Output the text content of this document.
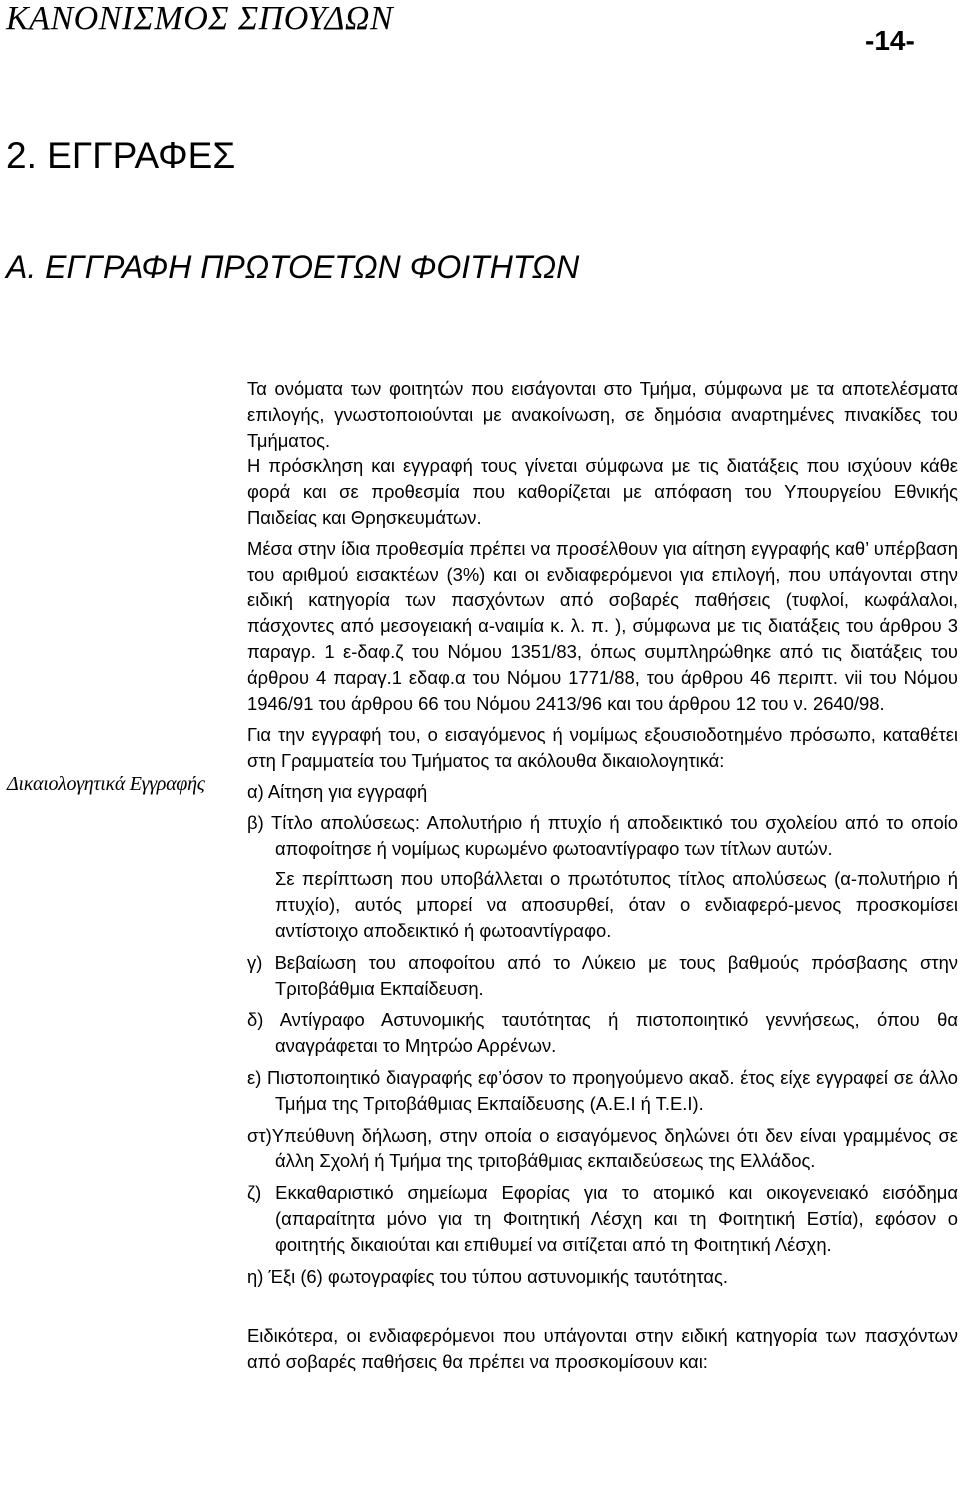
ΚΑΝΟΝΙΣΜΟΣ ΣΠΟΥΔΩΝ
-14-
2. ΕΓΓΡΑΦΕΣ
Α. ΕΓΓΡΑΦΗ ΠΡΩΤΟΕΤΩΝ ΦΟΙΤΗΤΩΝ
Δικαιολογητικά Εγγραφής

Τα ονόματα των φοιτητών που εισάγονται στο Τμήμα, σύμφωνα με τα αποτελέσματα επιλογής, γνωστοποιούνται με ανακοίνωση, σε δημόσια αναρτημένες πινακίδες του Τμήματος.

Η πρόσκληση και εγγραφή τους γίνεται σύμφωνα με τις διατάξεις που ισχύουν κάθε φορά και σε προθεσμία που καθορίζεται με απόφαση του Υπουργείου Εθνικής Παιδείας και Θρησκευμάτων.

Μέσα στην ίδια προθεσμία πρέπει να προσέλθουν για αίτηση εγγραφής καθ’ υπέρβαση του αριθμού εισακτέων (3%) και οι ενδιαφερόμενοι για επιλογή, που υπάγονται στην ειδική κατηγορία των πασχόντων από σοβαρές παθήσεις (τυφλοί, κωφάλαλοι, πάσχοντες από μεσογειακή α-ναιμία κ. λ. π. ), σύμφωνα με τις διατάξεις του άρθρου 3 παραγρ. 1 ε-δαφ.ζ του Νόμου 1351/83, όπως συμπληρώθηκε από τις διατάξεις του άρθρου 4 παραγ.1 εδαφ.α του Νόμου 1771/88, του άρθρου 46 περιπτ. vii του Νόμου 1946/91 του άρθρου 66 του Νόμου 2413/96 και του άρθρου 12 του ν. 2640/98.

Για την εγγραφή του, ο εισαγόμενος ή νομίμως εξουσιοδοτημένο πρόσωπο, καταθέτει στη Γραμματεία του Τμήματος τα ακόλουθα δικαιολογητικά:

α) Αίτηση για εγγραφή

β) Τίτλο απολύσεως: Απολυτήριο ή πτυχίο ή αποδεικτικό του σχολείου από το οποίο αποφοίτησε ή νομίμως κυρωμένο φωτοαντίγραφο των τίτλων αυτών.

Σε περίπτωση που υποβάλλεται ο πρωτότυπος τίτλος απολύσεως (α-πολυτήριο ή πτυχίο), αυτός μπορεί να αποσυρθεί, όταν ο ενδιαφερό-μενος προσκομίσει αντίστοιχο αποδεικτικό ή φωτοαντίγραφο.

γ) Βεβαίωση του αποφοίτου από το Λύκειο με τους βαθμούς πρόσβασης στην Τριτοβάθμια Εκπαίδευση.

δ) Αντίγραφο Αστυνομικής ταυτότητας ή πιστοποιητικό γεννήσεως, όπου θα αναγράφεται το Μητρώο Αρρένων.

ε) Πιστοποιητικό διαγραφής εφ’όσον το προηγούμενο ακαδ. έτος είχε εγγραφεί σε άλλο Τμήμα της Τριτοβάθμιας Εκπαίδευσης (Α.Ε.Ι ή Τ.Ε.Ι).

στ)Υπεύθυνη δήλωση, στην οποία ο εισαγόμενος δηλώνει ότι δεν είναι γραμμένος σε άλλη Σχολή ή Τμήμα της τριτοβάθμιας εκπαιδεύσεως της Ελλάδος.

ζ) Εκκαθαριστικό σημείωμα Εφορίας για το ατομικό και οικογενειακό εισόδημα (απαραίτητα μόνο για τη Φοιτητική Λέσχη και τη Φοιτητική Εστία), εφόσον ο φοιτητής δικαιούται και επιθυμεί να σιτίζεται από τη Φοιτητική Λέσχη.

η) Έξι (6) φωτογραφίες του τύπου αστυνομικής ταυτότητας.

Ειδικότερα, οι ενδιαφερόμενοι που υπάγονται στην ειδική κατηγορία των πασχόντων από σοβαρές παθήσεις θα πρέπει να προσκομίσουν και:
